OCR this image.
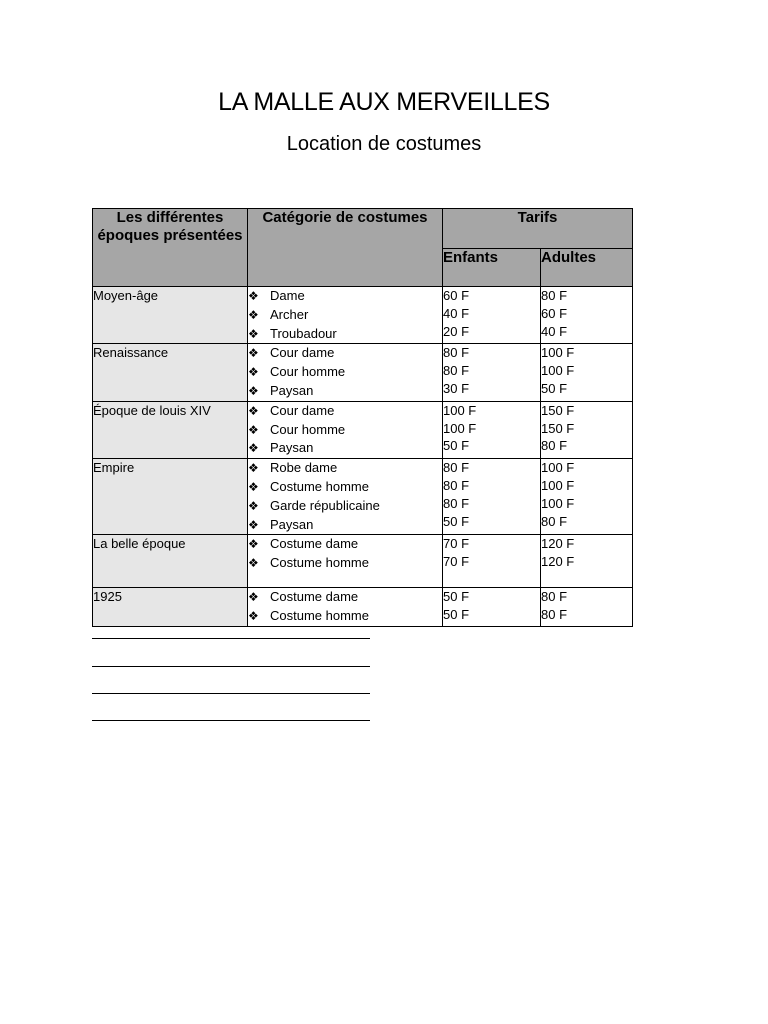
LA MALLE AUX MERVEILLES
Location de costumes
Les différentes époques présentées	Catégorie de costumes	Tarifs	
		Enfants	Adultes
Moyen-âge	❖ Dame
❖ Archer
❖ Troubadour	60 F
40 F
20 F	80 F
60 F
40 F

Renaissance	❖ Cour dame
❖ Cour homme
❖ Paysan	80 F
80 F
30 F	100 F
100 F
50 F

Époque de louis XIV	❖ Cour dame
❖ Cour homme
❖ Paysan	100 F
100 F
50 F	150 F
150 F
80 F

Empire	❖ Robe dame
❖ Costume homme
❖ Garde républicaine
❖ Paysan	80 F
80 F
80 F
50 F	100 F
100 F
100 F
80 F

La belle époque	❖ Costume dame
❖ Costume homme	70 F
70 F	120 F
120 F

1925	❖ Costume dame
❖ Costume homme	50 F
50 F	80 F
80 F
